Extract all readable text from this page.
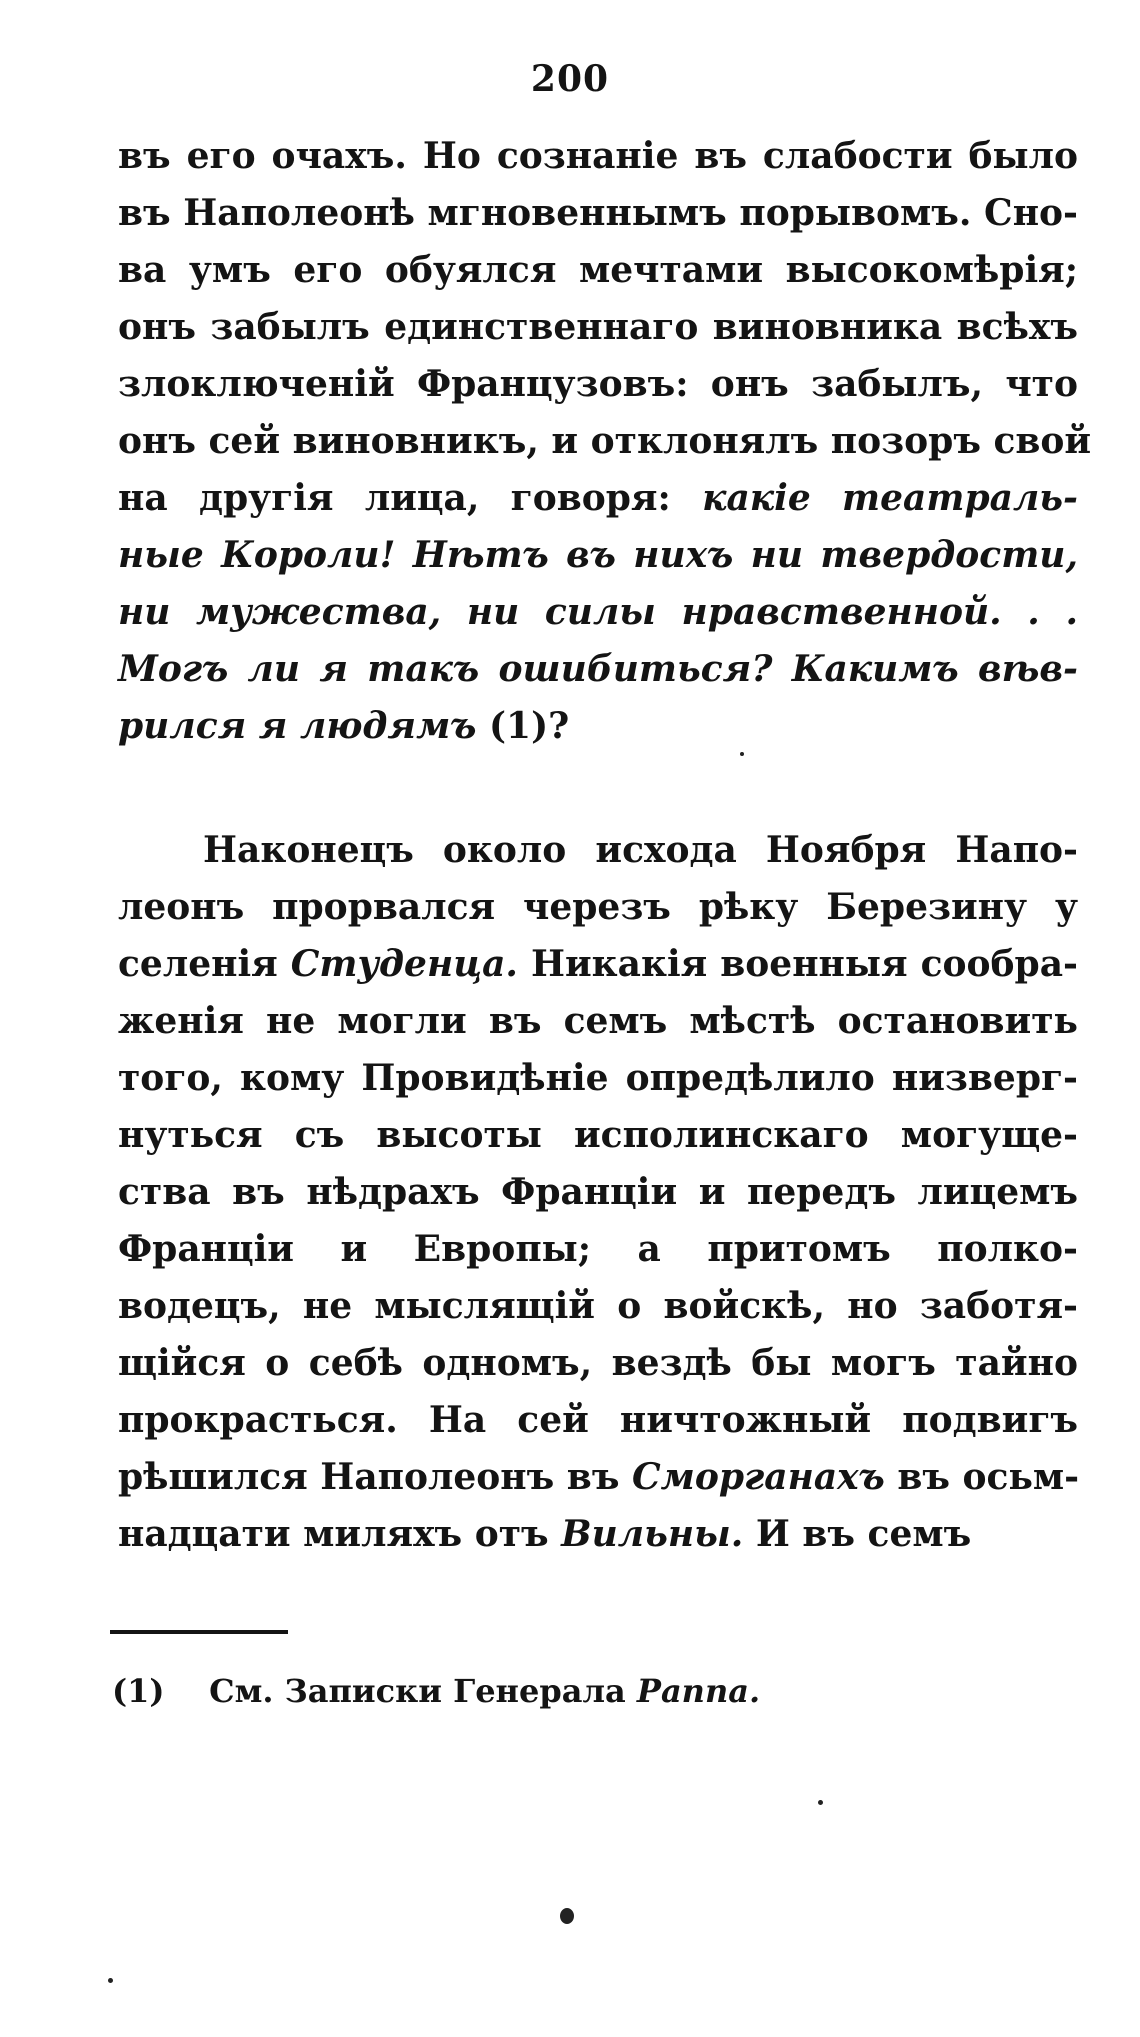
200
въ его очахъ. Но сознаніе въ слабости было
въ Наполеонѣ мгновеннымъ порывомъ. Сно-
ва умъ его обуялся мечтами высокомѣрія;
онъ забылъ единственнаго виновника всѣхъ
злоключеній Французовъ: онъ забылъ, что
онъ сей виновникъ, и отклонялъ позоръ свой
на другія лица, говоря: какіе театраль-
ные Короли! Нѣтъ въ нихъ ни твердости,
ни мужества, ни силы нравственной. . .
Могъ ли я такъ ошибиться? Какимъ вѣв-
рился я людямъ (1)?
Наконецъ около исхода Ноября Напо-
леонъ прорвался черезъ рѣку Березину у
селенія Студенца. Никакія военныя сообра-
женія не могли въ семъ мѣстѣ остановить
того, кому Провидѣніе опредѣлило низверг-
нуться съ высоты исполинскаго могуще-
ства въ нѣдрахъ Франціи и передъ лицемъ
Франціи и Европы; а притомъ полко-
водецъ, не мыслящій о войскѣ, но заботя-
щійся о себѣ одномъ, вездѣ бы могъ тайно
прокрасться. На сей ничтожный подвигъ
рѣшился Наполеонъ въ Сморганахъ въ осьм-
надцати миляхъ отъ Вильны. И въ семъ
(1) См. Записки Генерала Раппа.
